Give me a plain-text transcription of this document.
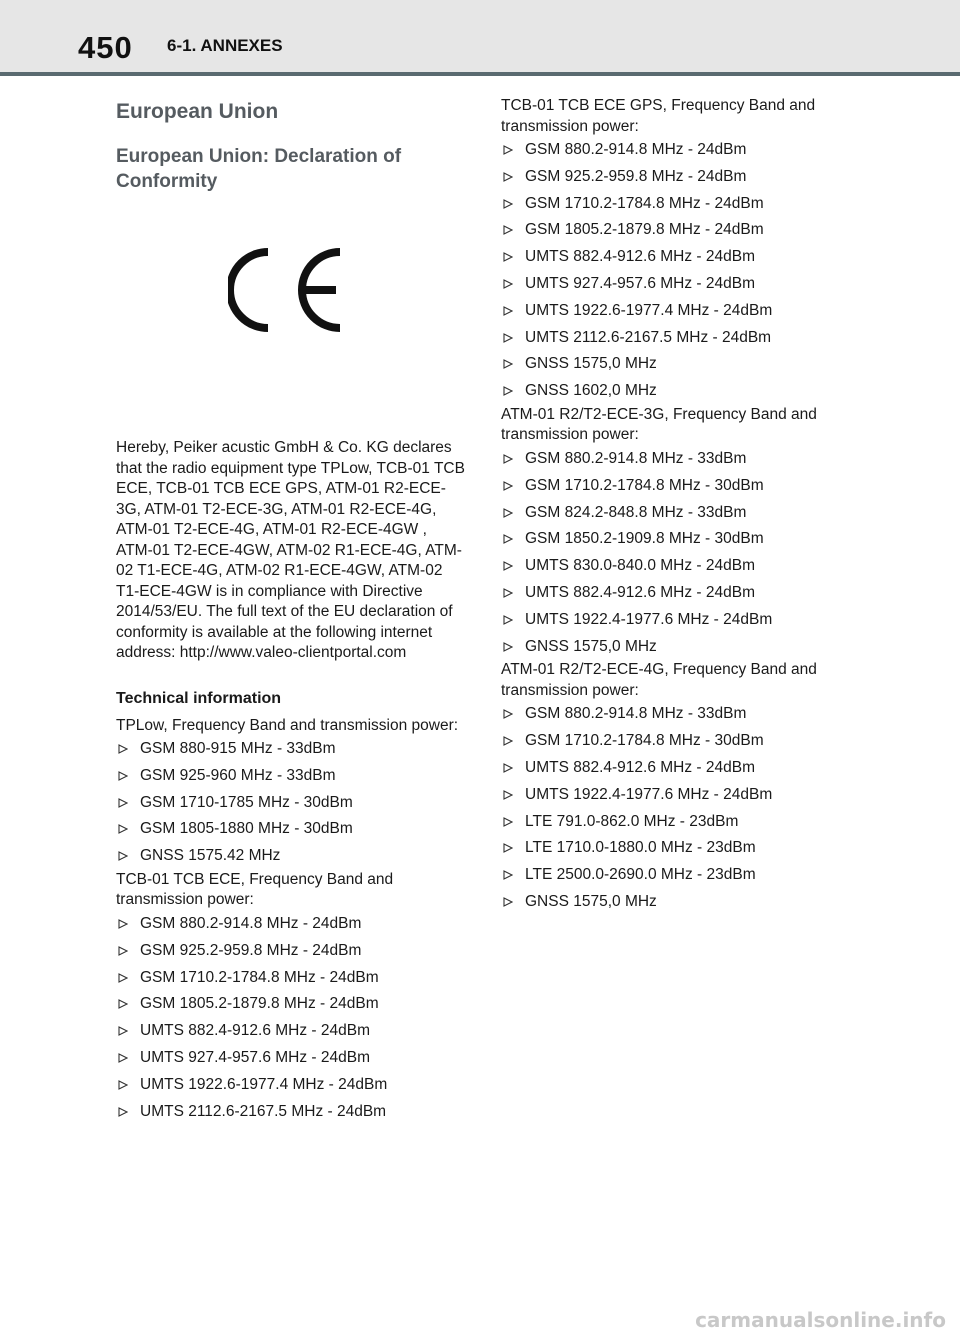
450 6-1. ANNEXES
European Union
European Union: Declaration of Conformity

Hereby, Peiker acustic GmbH & Co. KG declares that the radio equipment type TPLow, TCB-01 TCB ECE, TCB-01 TCB ECE GPS, ATM-01 R2-ECE-3G, ATM-01 T2-ECE-3G, ATM-01 R2-ECE-4G, ATM-01 T2-ECE-4G, ATM-01 R2-ECE-4GW , ATM-01 T2-ECE-4GW, ATM-02 R1-ECE-4G, ATM-02 T1-ECE-4G, ATM-02 R1-ECE-4GW, ATM-02 T1-ECE-4GW is in compliance with Directive 2014/53/EU. The full text of the EU declaration of conformity is available at the following internet address: http://www.valeo-clientportal.com

Technical information

TPLow, Frequency Band and transmission power:

GSM 880-915 MHz - 33dBm
GSM 925-960 MHz - 33dBm
GSM 1710-1785 MHz - 30dBm
GSM 1805-1880 MHz - 30dBm
GNSS 1575.42 MHz

TCB-01 TCB ECE, Frequency Band and transmission power:

GSM 880.2-914.8 MHz - 24dBm
GSM 925.2-959.8 MHz - 24dBm
GSM 1710.2-1784.8 MHz - 24dBm
GSM 1805.2-1879.8 MHz - 24dBm
UMTS 882.4-912.6 MHz - 24dBm
UMTS 927.4-957.6 MHz - 24dBm
UMTS 1922.6-1977.4 MHz - 24dBm
UMTS 2112.6-2167.5 MHz - 24dBm

TCB-01 TCB ECE GPS, Frequency Band and transmission power:

GSM 880.2-914.8 MHz - 24dBm
GSM 925.2-959.8 MHz - 24dBm
GSM 1710.2-1784.8 MHz - 24dBm
GSM 1805.2-1879.8 MHz - 24dBm
UMTS 882.4-912.6 MHz - 24dBm
UMTS 927.4-957.6 MHz - 24dBm
UMTS 1922.6-1977.4 MHz - 24dBm
UMTS 2112.6-2167.5 MHz - 24dBm
GNSS 1575,0 MHz
GNSS 1602,0 MHz

ATM-01 R2/T2-ECE-3G, Frequency Band and transmission power:

GSM 880.2-914.8 MHz - 33dBm
GSM 1710.2-1784.8 MHz - 30dBm
GSM 824.2-848.8 MHz - 33dBm
GSM 1850.2-1909.8 MHz - 30dBm
UMTS 830.0-840.0 MHz - 24dBm
UMTS 882.4-912.6 MHz - 24dBm
UMTS 1922.4-1977.6 MHz - 24dBm
GNSS 1575,0 MHz

ATM-01 R2/T2-ECE-4G, Frequency Band and transmission power:

GSM 880.2-914.8 MHz - 33dBm
GSM 1710.2-1784.8 MHz - 30dBm
UMTS 882.4-912.6 MHz - 24dBm
UMTS 1922.4-1977.6 MHz - 24dBm
LTE 791.0-862.0 MHz - 23dBm
LTE 1710.0-1880.0 MHz - 23dBm
LTE 2500.0-2690.0 MHz - 23dBm
GNSS 1575,0 MHz
carmanualsonline.info
